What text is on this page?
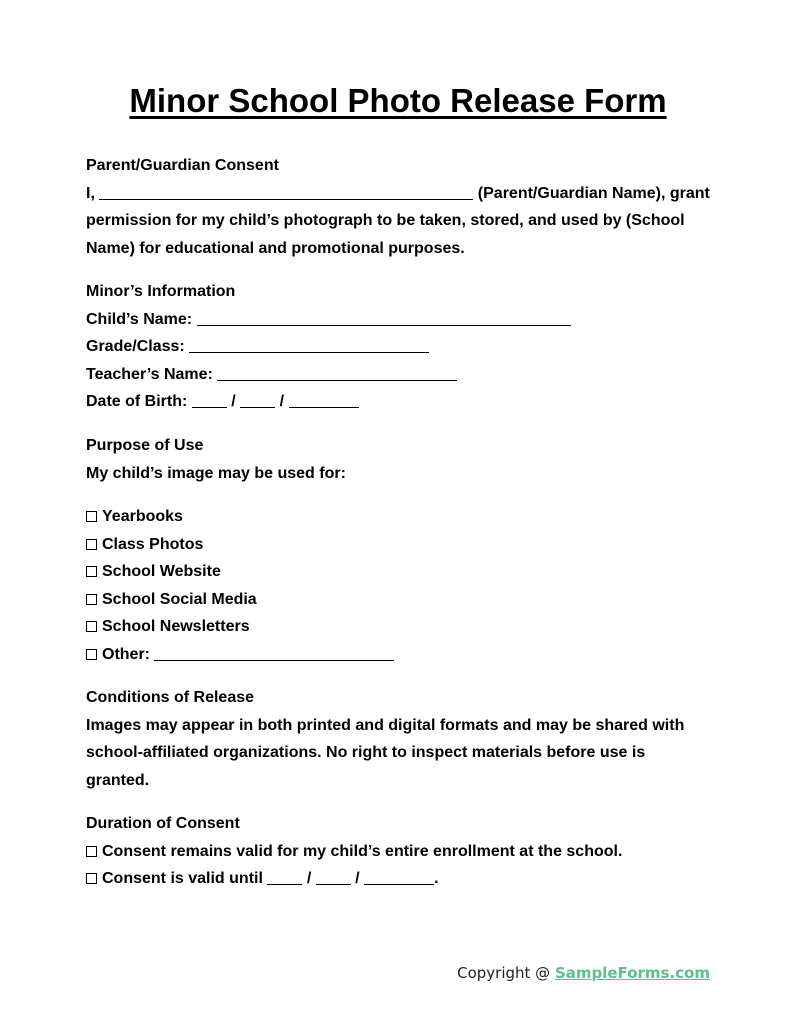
Minor School Photo Release Form
Parent/Guardian Consent
I,	(Parent/Guardian Name), grant
permission for my child’s photograph to be taken, stored, and used by (School
Name) for educational and promotional purposes.
Minor’s Information
Child’s Name:
Grade/Class:
Teacher’s Name:
Date of Birth:	/	/
Purpose of Use
My child’s image may be used for:
Yearbooks
Class Photos
School Website
School Social Media
School Newsletters
Other:
Conditions of Release
Images may appear in both printed and digital formats and may be shared with
school-affiliated organizations. No right to inspect materials before use is
granted.
Duration of Consent
Consent remains valid for my child’s entire enrollment at the school.
Consent is valid until	/	/	.
Copyright @ SampleForms.com
